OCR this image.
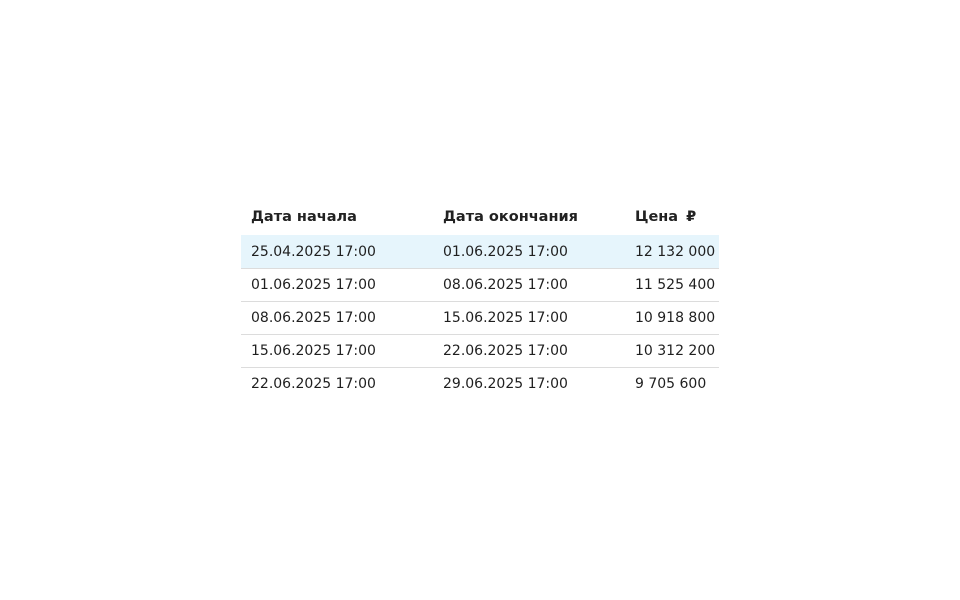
Дата начала	Дата окончания	Цена ₽
25.04.2025 17:00	01.06.2025 17:00	12 132 000
01.06.2025 17:00	08.06.2025 17:00	11 525 400
08.06.2025 17:00	15.06.2025 17:00	10 918 800
15.06.2025 17:00	22.06.2025 17:00	10 312 200
22.06.2025 17:00	29.06.2025 17:00	9 705 600
